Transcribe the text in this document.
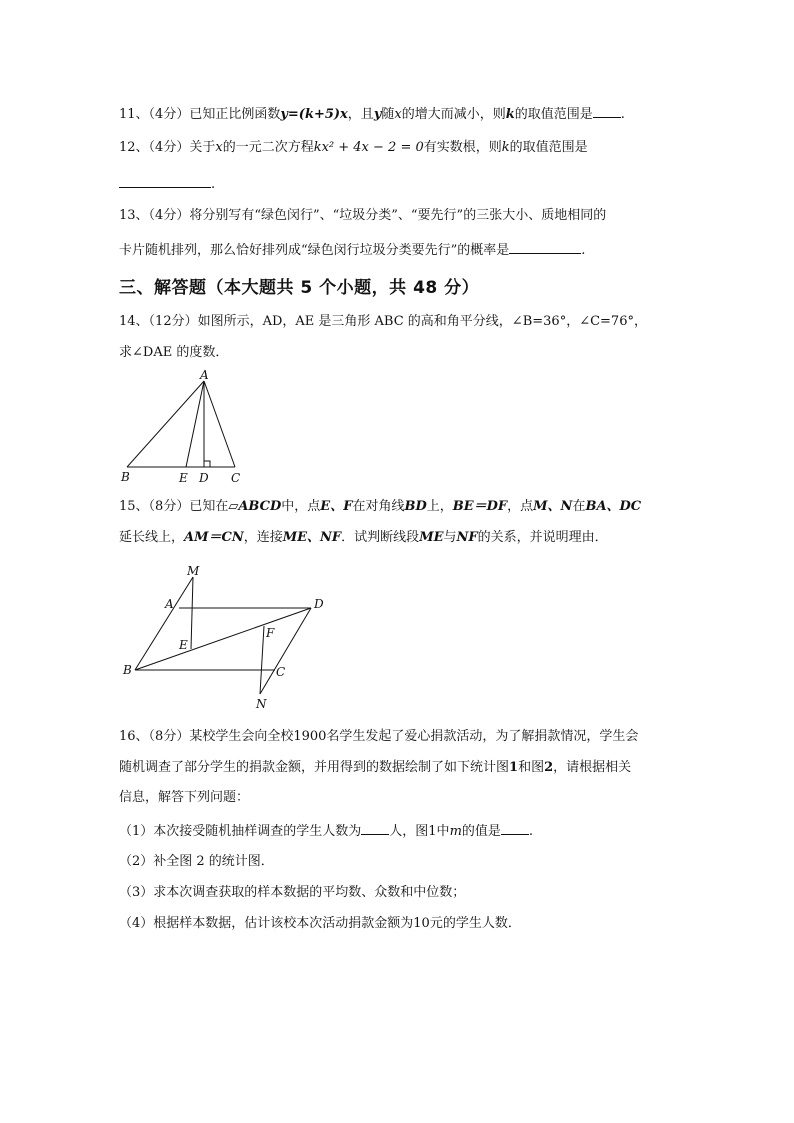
11、（4分）已知正比例函数y=(k+5)x，且y随x的增大而减小，则k的取值范围是 .
12、（4分）关于x的一元二次方程kx² + 4x − 2 = 0有实数根，则k的取值范围是
.
13、（4分）将分别写有“绿色闵行”、“垃圾分类”、“要先行”的三张大小、质地相同的
卡片随机排列，那么恰好排列成“绿色闵行垃圾分类要先行”的概率是	.
三、解答题（本大题共 5 个小题，共 48 分）
14、（12分）如图所示，AD，AE 是三角形 ABC 的高和角平分线，∠B=36°，∠C=76°，
求∠DAE 的度数．
A
B	E D C
15、（8分）已知在▱ABCD中，点E、F在对角线BD上，BE＝DF，点M、N在BA、DC
延长线上，AM＝CN，连接ME、NF．试判断线段ME与NF的关系，并说明理由．
M
A	D
E
F
B	C
N
16、（8分）某校学生会向全校1900名学生发起了爱心捐款活动，为了解捐款情况，学生会
随机调查了部分学生的捐款金额，并用得到的数据绘制了如下统计图1和图2，请根据相关
信息，解答下列问题：
（1）本次接受随机抽样调查的学生人数为 人，图1中m的值是 .
（2）补全图 2 的统计图．
（3）求本次调查获取的样本数据的平均数、众数和中位数；
（4）根据样本数据，估计该校本次活动捐款金额为10元的学生人数．
